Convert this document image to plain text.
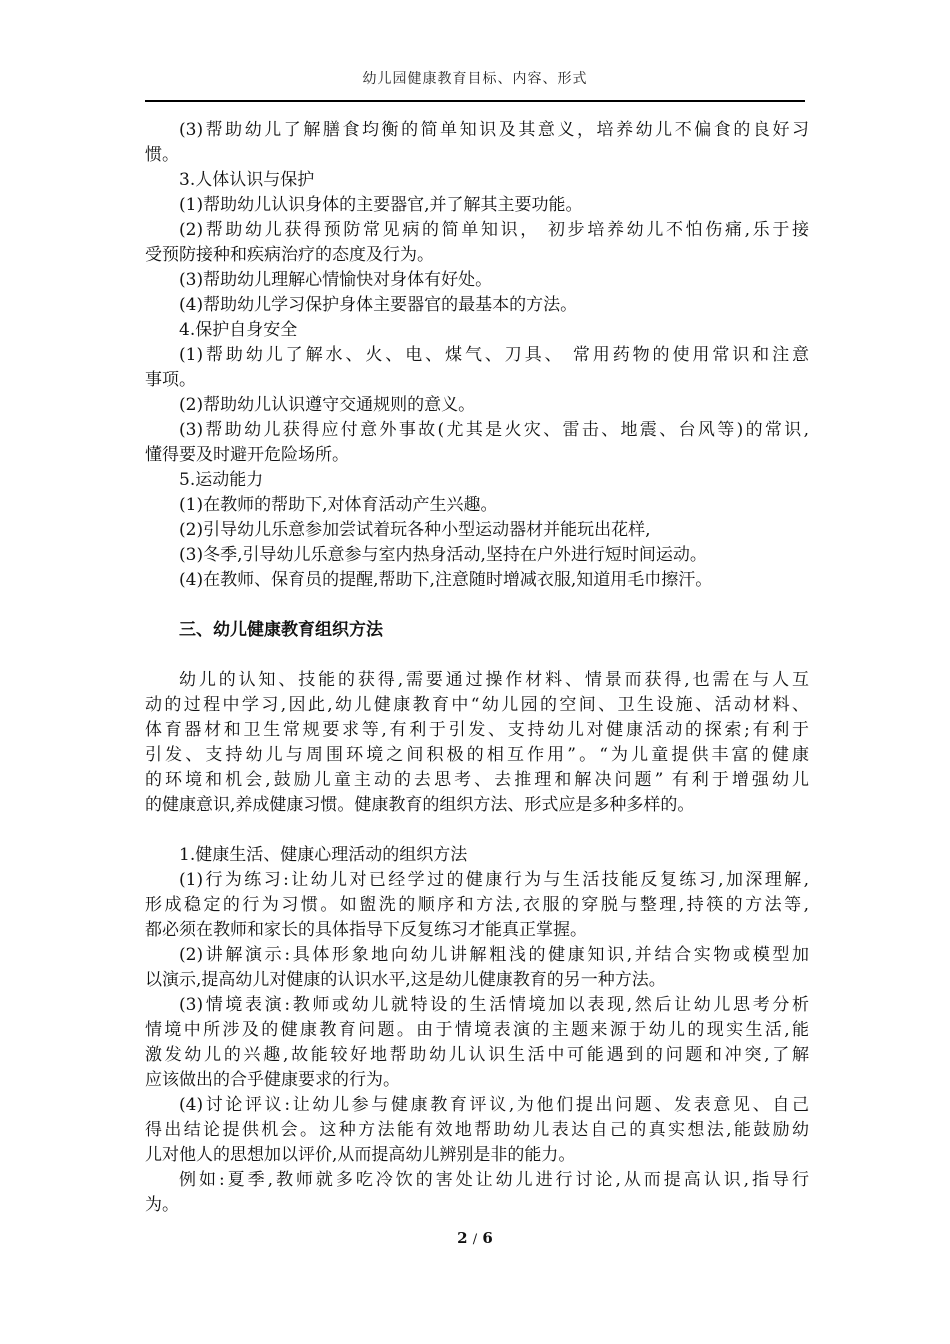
幼儿园健康教育目标、内容、形式
(3)帮助幼儿了解膳食均衡的简单知识及其意义，培养幼儿不偏食的良好习
惯。
3.人体认识与保护
(1)帮助幼儿认识身体的主要器官,并了解其主要功能。
(2)帮助幼儿获得预防常见病的简单知识， 初步培养幼儿不怕伤痛,乐于接
受预防接种和疾病治疗的态度及行为。
(3)帮助幼儿理解心情愉快对身体有好处。
(4)帮助幼儿学习保护身体主要器官的最基本的方法。
4.保护自身安全
(1)帮助幼儿了解水、火、电、煤气、刀具、 常用药物的使用常识和注意
事项。
(2)帮助幼儿认识遵守交通规则的意义。
(3)帮助幼儿获得应付意外事故(尤其是火灾、雷击、地震、台风等)的常识,
懂得要及时避开危险场所。
5.运动能力
(1)在教师的帮助下,对体育活动产生兴趣。
(2)引导幼儿乐意参加尝试着玩各种小型运动器材并能玩出花样,
(3)冬季,引导幼儿乐意参与室内热身活动,坚持在户外进行短时间运动。
(4)在教师、保育员的提醒,帮助下,注意随时增减衣服,知道用毛巾擦汗。
三、幼儿健康教育组织方法
幼儿的认知、技能的获得,需要通过操作材料、情景而获得,也需在与人互
动的过程中学习,因此,幼儿健康教育中“幼儿园的空间、卫生设施、活动材料、
体育器材和卫生常规要求等,有利于引发、支持幼儿对健康活动的探索;有利于
引发、支持幼儿与周围环境之间积极的相互作用”。“为儿童提供丰富的健康
的环境和机会,鼓励儿童主动的去思考、去推理和解决问题” 有利于增强幼儿
的健康意识,养成健康习惯。健康教育的组织方法、形式应是多种多样的。
1.健康生活、健康心理活动的组织方法
(1)行为练习:让幼儿对已经学过的健康行为与生活技能反复练习,加深理解,
形成稳定的行为习惯。如盥洗的顺序和方法,衣服的穿脱与整理,持筷的方法等,
都必须在教师和家长的具体指导下反复练习才能真正掌握。
(2)讲解演示:具体形象地向幼儿讲解粗浅的健康知识,并结合实物或模型加
以演示,提高幼儿对健康的认识水平,这是幼儿健康教育的另一种方法。
(3)情境表演:教师或幼儿就特设的生活情境加以表现,然后让幼儿思考分析
情境中所涉及的健康教育问题。由于情境表演的主题来源于幼儿的现实生活,能
激发幼儿的兴趣,故能较好地帮助幼儿认识生活中可能遇到的问题和冲突,了解
应该做出的合乎健康要求的行为。
(4)讨论评议:让幼儿参与健康教育评议,为他们提出问题、发表意见、自己
得出结论提供机会。这种方法能有效地帮助幼儿表达自己的真实想法,能鼓励幼
儿对他人的思想加以评价,从而提高幼儿辨别是非的能力。
例如:夏季,教师就多吃冷饮的害处让幼儿进行讨论,从而提高认识,指导行
为。
2 / 6
